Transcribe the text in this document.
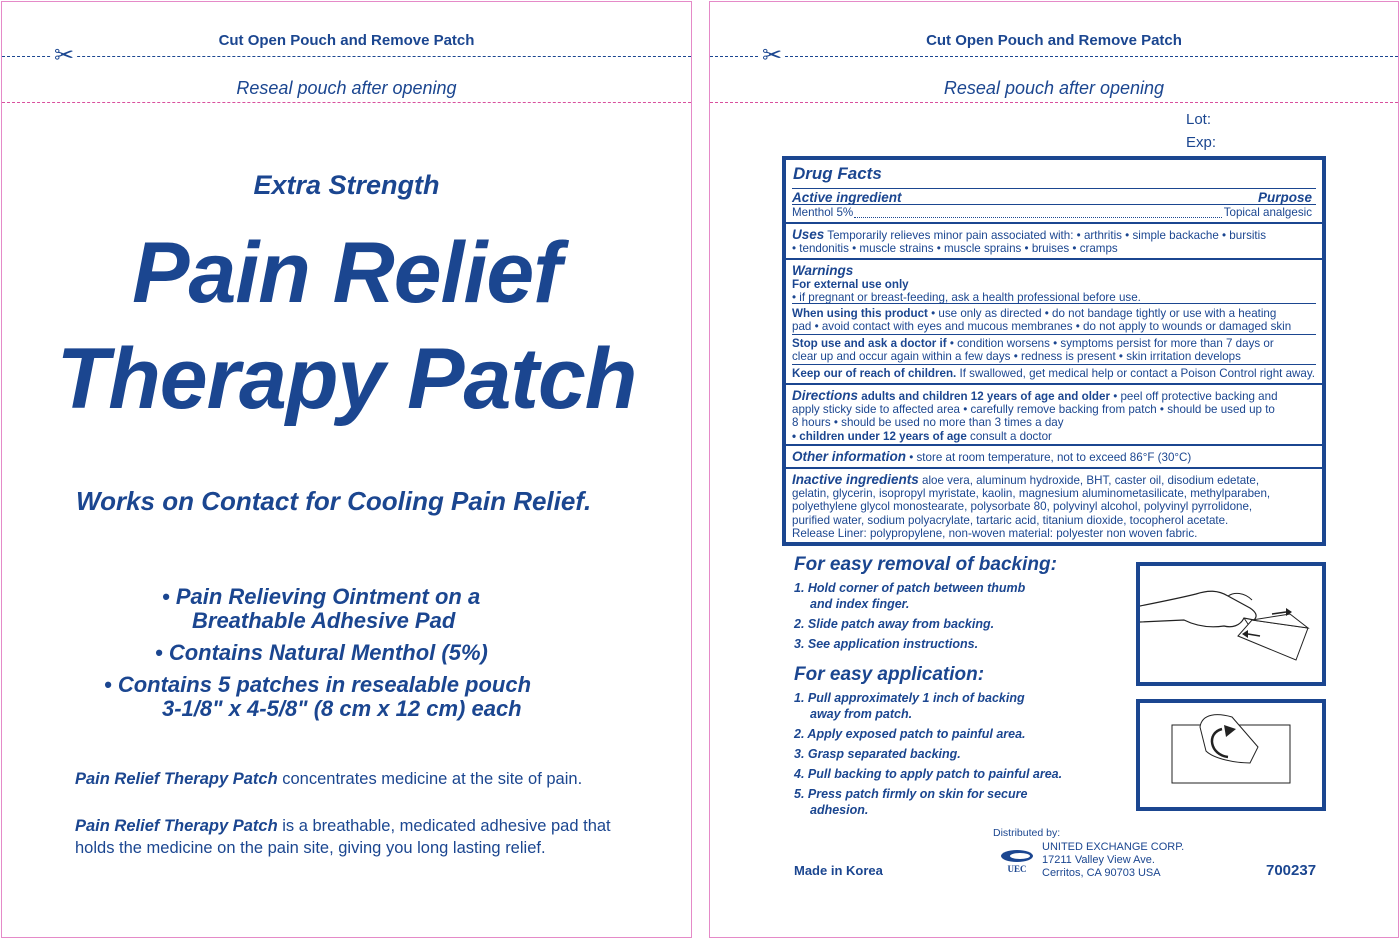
✂
Cut Open Pouch and Remove Patch
Reseal pouch after opening
Extra Strength
Pain Relief
Therapy Patch
Works on Contact for Cooling Pain Relief.
• Pain Relieving Ointment on a
Breathable Adhesive Pad
• Contains Natural Menthol (5%)
• Contains 5 patches in resealable pouch
3-1/8" x 4-5/8" (8 cm x 12 cm) each
Pain Relief Therapy Patch concentrates medicine at the site of pain.
Pain Relief Therapy Patch is a breathable, medicated adhesive pad that holds the medicine on the pain site, giving you long lasting relief.
✂
Cut Open Pouch and Remove Patch
Reseal pouch after opening
Lot:
Exp:
Drug Facts
Active ingredient	Purpose
Menthol 5%	Topical analgesic
Uses Temporarily relieves minor pain associated with: • arthritis • simple backache • bursitis
• tendonitis • muscle strains • muscle sprains • bruises • cramps
Warnings
For external use only
• if pregnant or breast-feeding, ask a health professional before use.
When using this product • use only as directed • do not bandage tightly or use with a heating
pad • avoid contact with eyes and mucous membranes • do not apply to wounds or damaged skin
Stop use and ask a doctor if • condition worsens • symptoms persist for more than 7 days or
clear up and occur again within a few days • redness is present • skin irritation develops
Keep our of reach of children. If swallowed, get medical help or contact a Poison Control right away.
Directions adults and children 12 years of age and older • peel off protective backing and
apply sticky side to affected area • carefully remove backing from patch • should be used up to
8 hours • should be used no more than 3 times a day
• children under 12 years of age consult a doctor
Other information • store at room temperature, not to exceed 86°F (30°C)
Inactive ingredients aloe vera, aluminum hydroxide, BHT, caster oil, disodium edetate,
gelatin, glycerin, isopropyl myristate, kaolin, magnesium aluminometasilicate, methylparaben,
polyethylene glycol monostearate, polysorbate 80, polyvinyl alcohol, polyvinyl pyrrolidone,
purified water, sodium polyacrylate, tartaric acid, titanium dioxide, tocopherol acetate.
Release Liner: polypropylene, non-woven material: polyester non woven fabric.
For easy removal of backing:
1. Hold corner of patch between thumb
and index finger.
2. Slide patch away from backing.
3. See application instructions.
For easy application:
1. Pull approximately 1 inch of backing
away from patch.
2. Apply exposed patch to painful area.
3. Grasp separated backing.
4. Pull backing to apply patch to painful area.
5. Press patch firmly on skin for secure
adhesion.
Made in Korea
Distributed by:
UEC
UNITED EXCHANGE CORP.
17211 Valley View Ave.
Cerritos, CA 90703 USA	700237
